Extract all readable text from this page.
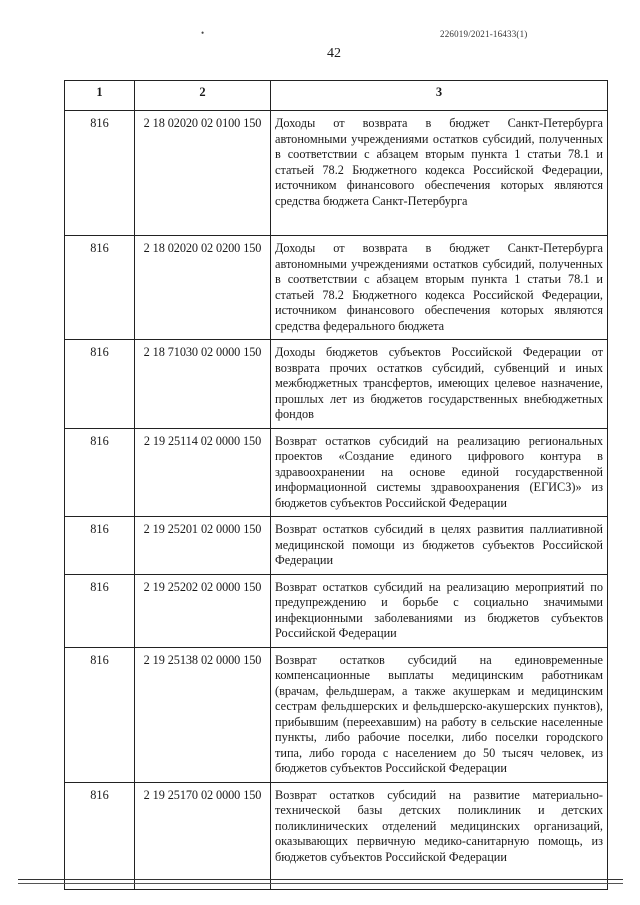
•	226019/2021-16433(1)
42
1	2	3
816	2 18 02020 02 0100 150	Доходы от возврата в бюджет Санкт-Петербурга автономными учреждениями остатков субсидий, полученных в соответствии с абзацем вторым пункта 1 статьи 78.1 и статьей 78.2 Бюджетного кодекса Российской Федерации, источником финансового обеспечения которых являются средства бюджета Санкт-Петербурга
816	2 18 02020 02 0200 150	Доходы от возврата в бюджет Санкт-Петербурга автономными учреждениями остатков субсидий, полученных в соответствии с абзацем вторым пункта 1 статьи 78.1 и статьей 78.2 Бюджетного кодекса Российской Федерации, источником финансового обеспечения которых являются средства федерального бюджета
816	2 18 71030 02 0000 150	Доходы бюджетов субъектов Российской Федерации от возврата прочих остатков субсидий, субвенций и иных межбюджетных трансфертов, имеющих целевое назначение, прошлых лет из бюджетов государственных внебюджетных фондов
816	2 19 25114 02 0000 150	Возврат остатков субсидий на реализацию региональных проектов «Создание единого цифрового контура в здравоохранении на основе единой государственной информационной системы здравоохранения (ЕГИСЗ)» из бюджетов субъектов Российской Федерации
816	2 19 25201 02 0000 150	Возврат остатков субсидий в целях развития паллиативной медицинской помощи из бюджетов субъектов Российской Федерации
816	2 19 25202 02 0000 150	Возврат остатков субсидий на реализацию мероприятий по предупреждению и борьбе с социально значимыми инфекционными заболеваниями из бюджетов субъектов Российской Федерации
816	2 19 25138 02 0000 150	Возврат остатков субсидий на единовременные компенсационные выплаты медицинским работникам (врачам, фельдшерам, а также акушеркам и медицинским сестрам фельдшерских и фельдшерско-акушерских пунктов), прибывшим (переехавшим) на работу в сельские населенные пункты, либо рабочие поселки, либо поселки городского типа, либо города с населением до 50 тысяч человек, из бюджетов субъектов Российской Федерации
816	2 19 25170 02 0000 150	Возврат остатков субсидий на развитие материально-технической базы детских поликлиник и детских поликлинических отделений медицинских организаций, оказывающих первичную медико-санитарную помощь, из бюджетов субъектов Российской Федерации
